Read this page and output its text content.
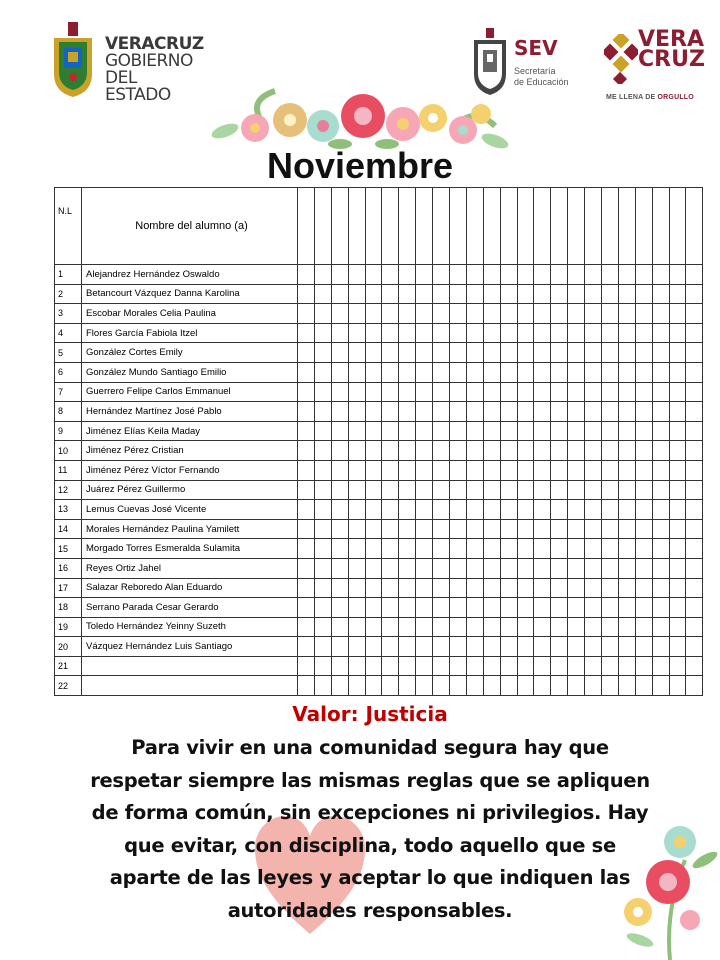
VERACRUZ
GOBIERNO
DEL ESTADO
SEV
Secretaría
de Educación
VERA
CRUZ
ME LLENA DE ORGULLO
Noviembre
N.L	Nombre del alumno (a)																								
1	Alejandrez Hernández Oswaldo																								
2	Betancourt Vázquez Danna Karolina																								
3	Escobar Morales Celia Paulina																								
4	Flores García Fabiola Itzel																								
5	González Cortes Emily																								
6	González Mundo Santiago Emilio																								
7	Guerrero Felipe Carlos Emmanuel																								
8	Hernández Martínez José Pablo																								
9	Jiménez Elías Keila Maday																								
10	Jiménez Pérez Cristian																								
11	Jiménez Pérez Víctor Fernando																								
12	Juárez Pérez Guillermo																								
13	Lemus Cuevas José Vicente																								
14	Morales Hernández Paulina Yamilett																								
15	Morgado Torres Esmeralda Sulamita																								
16	Reyes Ortiz Jahel																								
17	Salazar Reboredo Alan Eduardo																								
18	Serrano Parada Cesar Gerardo																								
19	Toledo Hernández Yeinny Suzeth																								
20	Vázquez Hernández Luis Santiago																								
21																									
22																									
Valor: Justicia
Para vivir en una comunidad segura hay que respetar siempre las mismas reglas que se apliquen de forma común, sin excepciones ni privilegios. Hay que evitar, con disciplina, todo aquello que se aparte de las leyes y aceptar lo que indiquen las autoridades responsables.
